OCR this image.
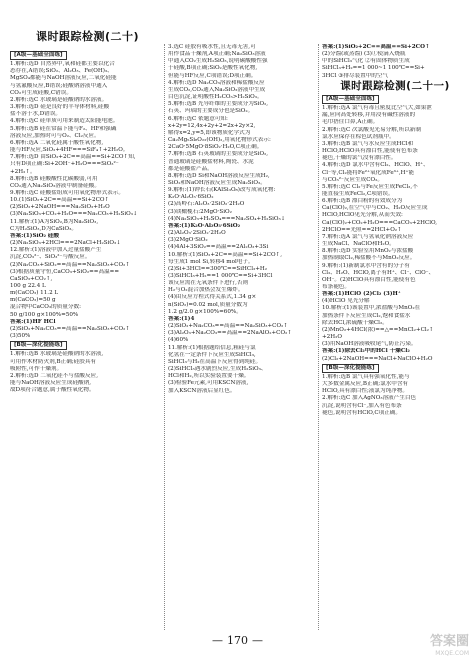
课时跟踪检测(二十)
[A级—基础全面练]
1.解析:选D 自然界中,氧和硅都主要以化合
态存在,A错误;SiO₂、Al₂O₃、Fe(OH)₃、
MgSO₄都能与NaOH溶液反应,二氧化硅能
与氢氟酸反应,B错误;硅酸钠溶液中通入
CO₂可生成硅酸,C错误。
2.解析:选C 水玻璃是硅酸钠的水溶液。
3.解析:选D 硅是良好的半导体材料,硅酸
盐不溶于水,D错误。
4.解析:选C 硅单质可用来制造太阳能电池。
5.解析:选B 硅在常温下能与F₂、HF和强碱
溶液反应,加热时可与O₂、Cl₂反应。
6.解析:选A 二氧化硅属于酸性氧化物,
能与HF反应,SiO₂+4HF===SiF₄↑+2H₂O。
7.解析:选D 由SiO₂+2C==高温==Si+2CO↑知,
只有D项正确:Si+2OH⁻+H₂O===SiO₃²⁻
+2H₂↑。
8.解析:选B 硅酸酸性比碳酸弱,可用
CO₂通入Na₂SiO₃溶液中制备硅酸。
9.解析:选C 硅酸盐组成可用氧化物形式表示。
10.(1)SiO₂+2C==高温==Si+2CO↑
(2)SiO₂+2NaOH===Na₂SiO₃+H₂O
(3)Na₂SiO₃+CO₂+H₂O===Na₂CO₃+H₂SiO₃↓
11.解析:(1)A为SiO₂,B为Na₂SiO₃,
C为H₂SiO₃,D为CaSiO₃。
答案:(1)SiO₂ 硅酸
(2)Na₂SiO₃+2HCl===2NaCl+H₂SiO₃↓
12.解析:(1)溶液中加入过量盐酸产生
沉淀,CO₃²⁻、SiO₃²⁻与酸反应。
(2)Na₂CO₃+SiO₂==高温==Na₂SiO₃+CO₂↑
(3)根据质量守恒,CaCO₃+SiO₂==高温==
CaSiO₃+CO₂↑,
100 g 22.4 L
m(CaCO₃) 11.2 L
m(CaCO₃)=50 g
混合物中CaCO₃的质量分数:
50 g/100 g×100%=50%
答案:(1)HF HCl
(2)SiO₂+Na₂CO₃==高温==Na₂SiO₃+CO₂↑
(3)50%
[B级—深化提能练]
1.解析:选B 水玻璃是硅酸钠的水溶液,
可用作木材防火剂,B正确;硅胶具有
吸附性,可作干燥剂。
2.解析:选D 二氧化硅不与盐酸反应,
能与NaOH溶液反应生成硅酸钠,
故D项符合题意,属于酸性氧化物。
3.选C 硅胶有吸水性,且无毒无害,可
用作食品干燥剂,A项正确;Na₂SiO₃溶液
中通入CO₂生成H₂SiO₃,说明碳酸酸性强
于硅酸,B项正确;SiO₂是酸性氧化物,
但能与HF反应,C项错误;D项正确。
4.解析:选D Na₂CO₃溶液和稀盐酸反应
生成CO₂,CO₂通入Na₂SiO₃溶液中生成
白色沉淀,证明酸性H₂CO₃>H₂SiO₃。
5.解析:选B 光导纤维的主要成分为SiO₂,
石英、玛瑙的主要成分也是SiO₂。
6.解析:选C 依题意可知:
x+2y=12,4x+2y+2=2x+2y×2,
解得x=2,y=5,即该物质化学式为
Ca₂Mg₅Si₈O₂₂(OH)₂,用氧化物形式表示:
2CaO·5MgO·8SiO₂·H₂O,C项正确。
7.解析:选B 石英玻璃的主要成分是SiO₂,
普通玻璃是硅酸盐材料,陶瓷、水泥
都是硅酸盐产品。
8.解析:选D Si和NaOH溶液反应生成H₂,
SiO₂和NaOH溶液反应生成Na₂SiO₃。
9.解析:(1)钾长石(KAlSi₃O₈)改写成氧化物:
K₂O·Al₂O₃·6SiO₂
(2)高岭石:Al₂O₃·2SiO₂·2H₂O
(3)镁橄榄石:2MgO·SiO₂
(4)Na₂SiO₃+H₂SO₄===Na₂SO₄+H₂SiO₃↓
答案:(1)K₂O·Al₂O₃·6SiO₂
(2)Al₂O₃·2SiO₂·2H₂O
(3)2MgO·SiO₂
(4)4Al+3SiO₂==高温==2Al₂O₃+3Si
10.解析:(1)SiO₂+2C==高温==Si+2CO↑,
每生成1 mol Si,转移4 mol电子。
(2)Si+3HCl==300℃==SiHCl₃+H₂
(3)SiHCl₃+H₂==1 000℃==Si+3HCl
该反应需在无氧条件下进行,否则
H₂与O₂混合加热会发生爆炸。
(4)由反应方程式得关系式,1.34 g×
n(SiO₂)=0.02 mol,质量分数为
1.2 g/2.0 g×100%=60%。
答案:(1)4
(2)SiO₂+Na₂CO₃==高温==Na₂SiO₃+CO₂↑
(3)Al₂O₃+Na₂CO₃==高温==2NaAlO₂+CO₂↑
(4)60%
11.解析:(1)根据题给信息,粗硅与氯
化氢在一定条件下反应生成SiHCl₃,
SiHCl₃与H₂在高温下反应得到纯硅。
(2)SiHCl₃遇水剧烈反应,生成H₂SiO₃、
HCl和H₂,所以实验装置要干燥。
(3)检验Fe元素,可用KSCN溶液,
加入KSCN溶液后显红色。
答案:(1)SiO₂+2C==高温==Si+2CO↑
(2)分馏(或蒸馏) (3)①使滴入烧瓶
中的SiHCl₃气化 ②有固体物质生成
SiHCl₃+H₂==1 000~1 100℃==Si+
3HCl ③排尽装置中的空气
课时跟踪检测(二十一)
[A级—基础全面练]
1.解析:选A 氯气有毒且密度比空气大,如果泄
漏,应向高处转移,并用浸有碱性溶液的
毛巾捂住口鼻,A正确。
2.解析:选C 次氯酸见光易分解,所以新制
氯水应保存在棕色试剂瓶中。
3.解析:选B 氯气与水反应生成HCl和
HClO,HClO具有漂白性,能使有色布条
褪色,干燥的氯气没有漂白性。
4.解析:选D 氯水中含有Cl₂、HClO、H⁺、
Cl⁻等,Cl₂能将Fe²⁺氧化成Fe³⁺,H⁺能
与CO₃²⁻反应生成CO₂。
5.解析:选C Cl₂与Fe反应生成FeCl₃,不
能直接生成FeCl₂,C项错误。
6.解析:选B 漂白粉的有效成分为
Ca(ClO)₂,在空气中与CO₂、H₂O反应生成
HClO,HClO见光分解,从而失效:
Ca(ClO)₂+CO₂+H₂O===CaCO₃+2HClO,
2HClO==光照==2HCl+O₂↑
7.解析:选A 氯气与氢氧化钠溶液反应
生成NaCl、NaClO和H₂O。
8.解析:选D 实验室用MnO₂与浓盐酸
加热制取Cl₂,稀盐酸不与MnO₂反应。
9.解析:(1)新制氯水中含有的分子有
Cl₂、H₂O、HClO,离子有H⁺、Cl⁻、ClO⁻、
OH⁻。(2)HClO具有漂白性,能使有色
布条褪色。
答案:(1)HClO (2)Cl₂ (3)H⁺
(4)HClO 见光分解
10.解析:(1)该装置中,浓盐酸与MnO₂在
加热条件下反应生成Cl₂,饱和食盐水
除去HCl,浓硫酸干燥Cl₂。
(2)MnO₂+4HCl(浓)==△==MnCl₂+Cl₂↑
+2H₂O
(3)用NaOH溶液吸收尾气,防止污染。
答案:(1)除去Cl₂中的HCl 干燥Cl₂
(2)Cl₂+2NaOH===NaCl+NaClO+H₂O
[B级—深化提能练]
1.解析:选B 氯气具有强氧化性,能与
大多数金属反应,B正确;氯水中含有
HClO,具有漂白性;液氯为纯净物。
2.解析:选C 加入AgNO₃溶液产生白色
沉淀,说明含有Cl⁻,加入有色布条
褪色,说明含有HClO,C项正确。
— 170 —	答案圈
MXQE.COM
